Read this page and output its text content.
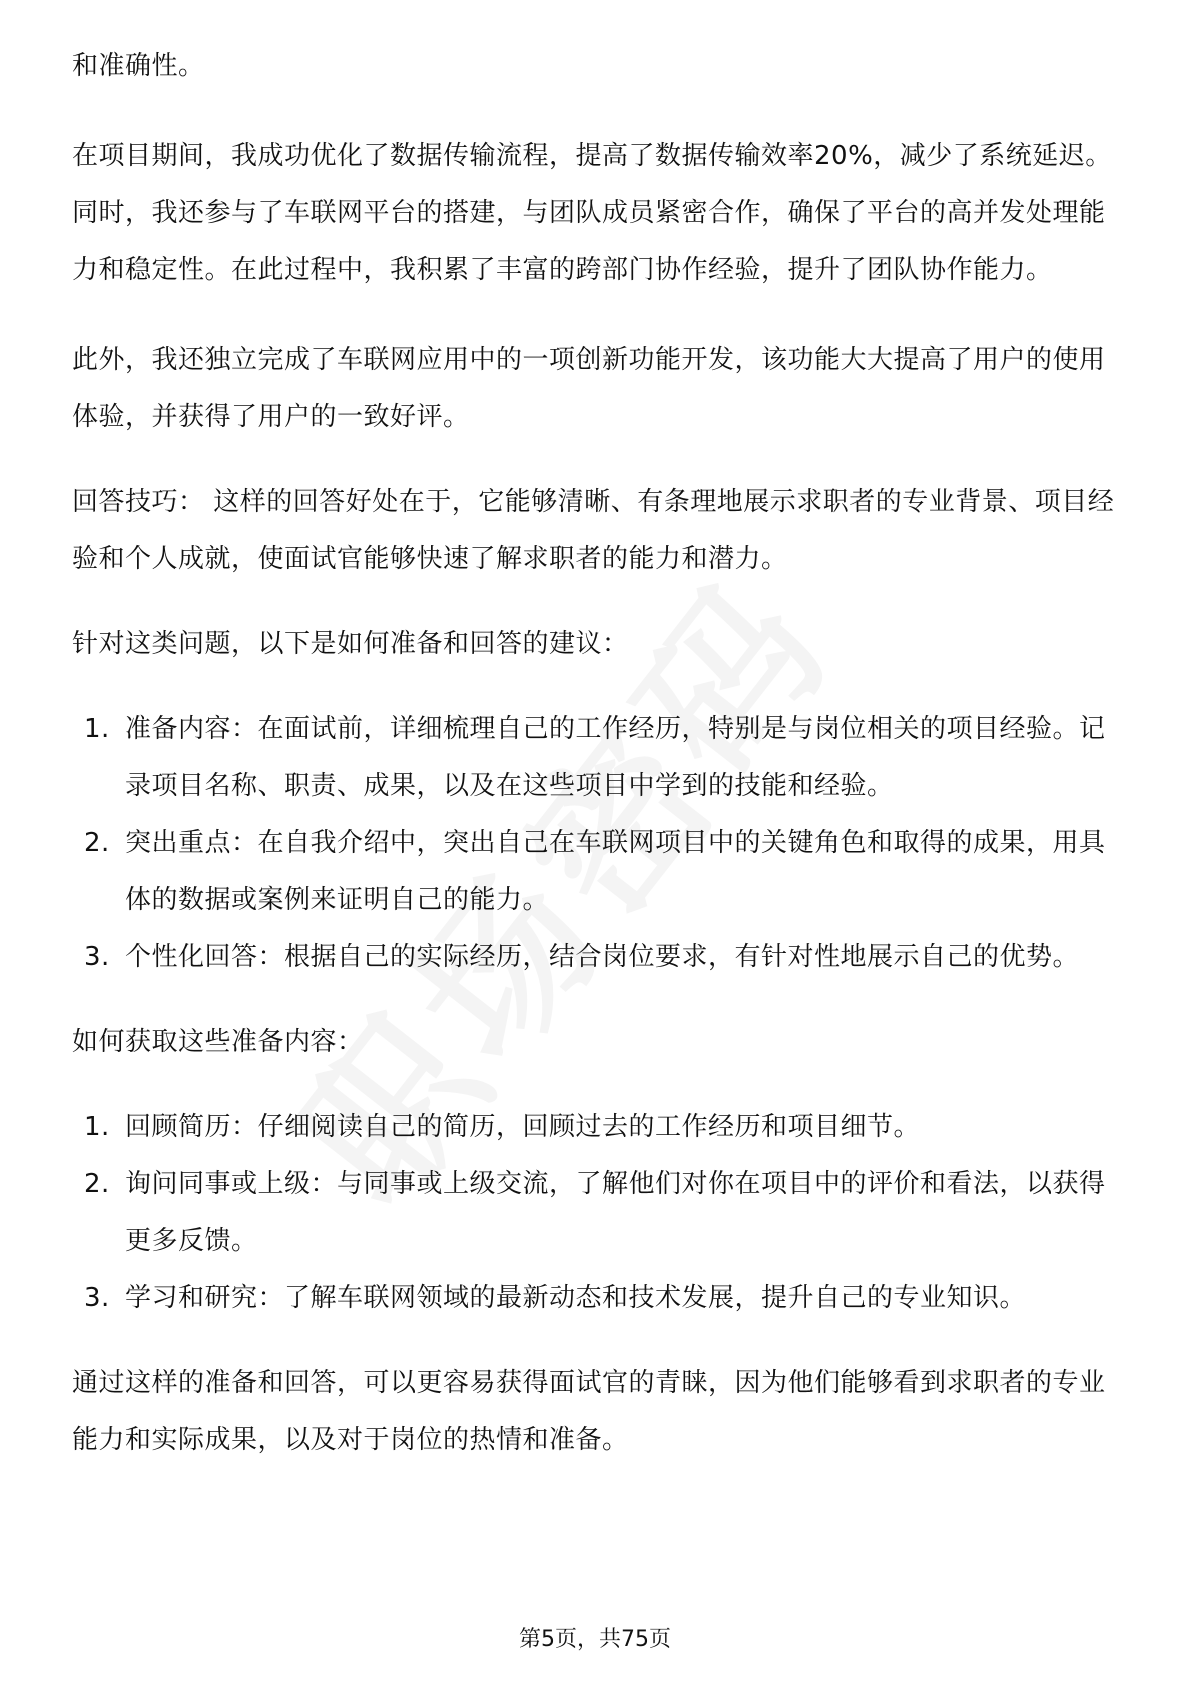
和准确性。

在项目期间，我成功优化了数据传输流程，提高了数据传输效率20%，减少了系统延迟。同时，我还参与了车联网平台的搭建，与团队成员紧密合作，确保了平台的高并发处理能力和稳定性。在此过程中，我积累了丰富的跨部门协作经验，提升了团队协作能力。

此外，我还独立完成了车联网应用中的一项创新功能开发，该功能大大提高了用户的使用体验，并获得了用户的一致好评。

回答技巧： 这样的回答好处在于，它能够清晰、有条理地展示求职者的专业背景、项目经验和个人成就，使面试官能够快速了解求职者的能力和潜力。

针对这类问题，以下是如何准备和回答的建议：

1. 准备内容：在面试前，详细梳理自己的工作经历，特别是与岗位相关的项目经验。记录项目名称、职责、成果，以及在这些项目中学到的技能和经验。
2. 突出重点：在自我介绍中，突出自己在车联网项目中的关键角色和取得的成果，用具体的数据或案例来证明自己的能力。
3. 个性化回答：根据自己的实际经历，结合岗位要求，有针对性地展示自己的优势。

如何获取这些准备内容：

1. 回顾简历：仔细阅读自己的简历，回顾过去的工作经历和项目细节。
2. 询问同事或上级：与同事或上级交流，了解他们对你在项目中的评价和看法，以获得更多反馈。
3. 学习和研究：了解车联网领域的最新动态和技术发展，提升自己的专业知识。

通过这样的准备和回答，可以更容易获得面试官的青睐，因为他们能够看到求职者的专业能力和实际成果，以及对于岗位的热情和准备。

第5页，共75页
